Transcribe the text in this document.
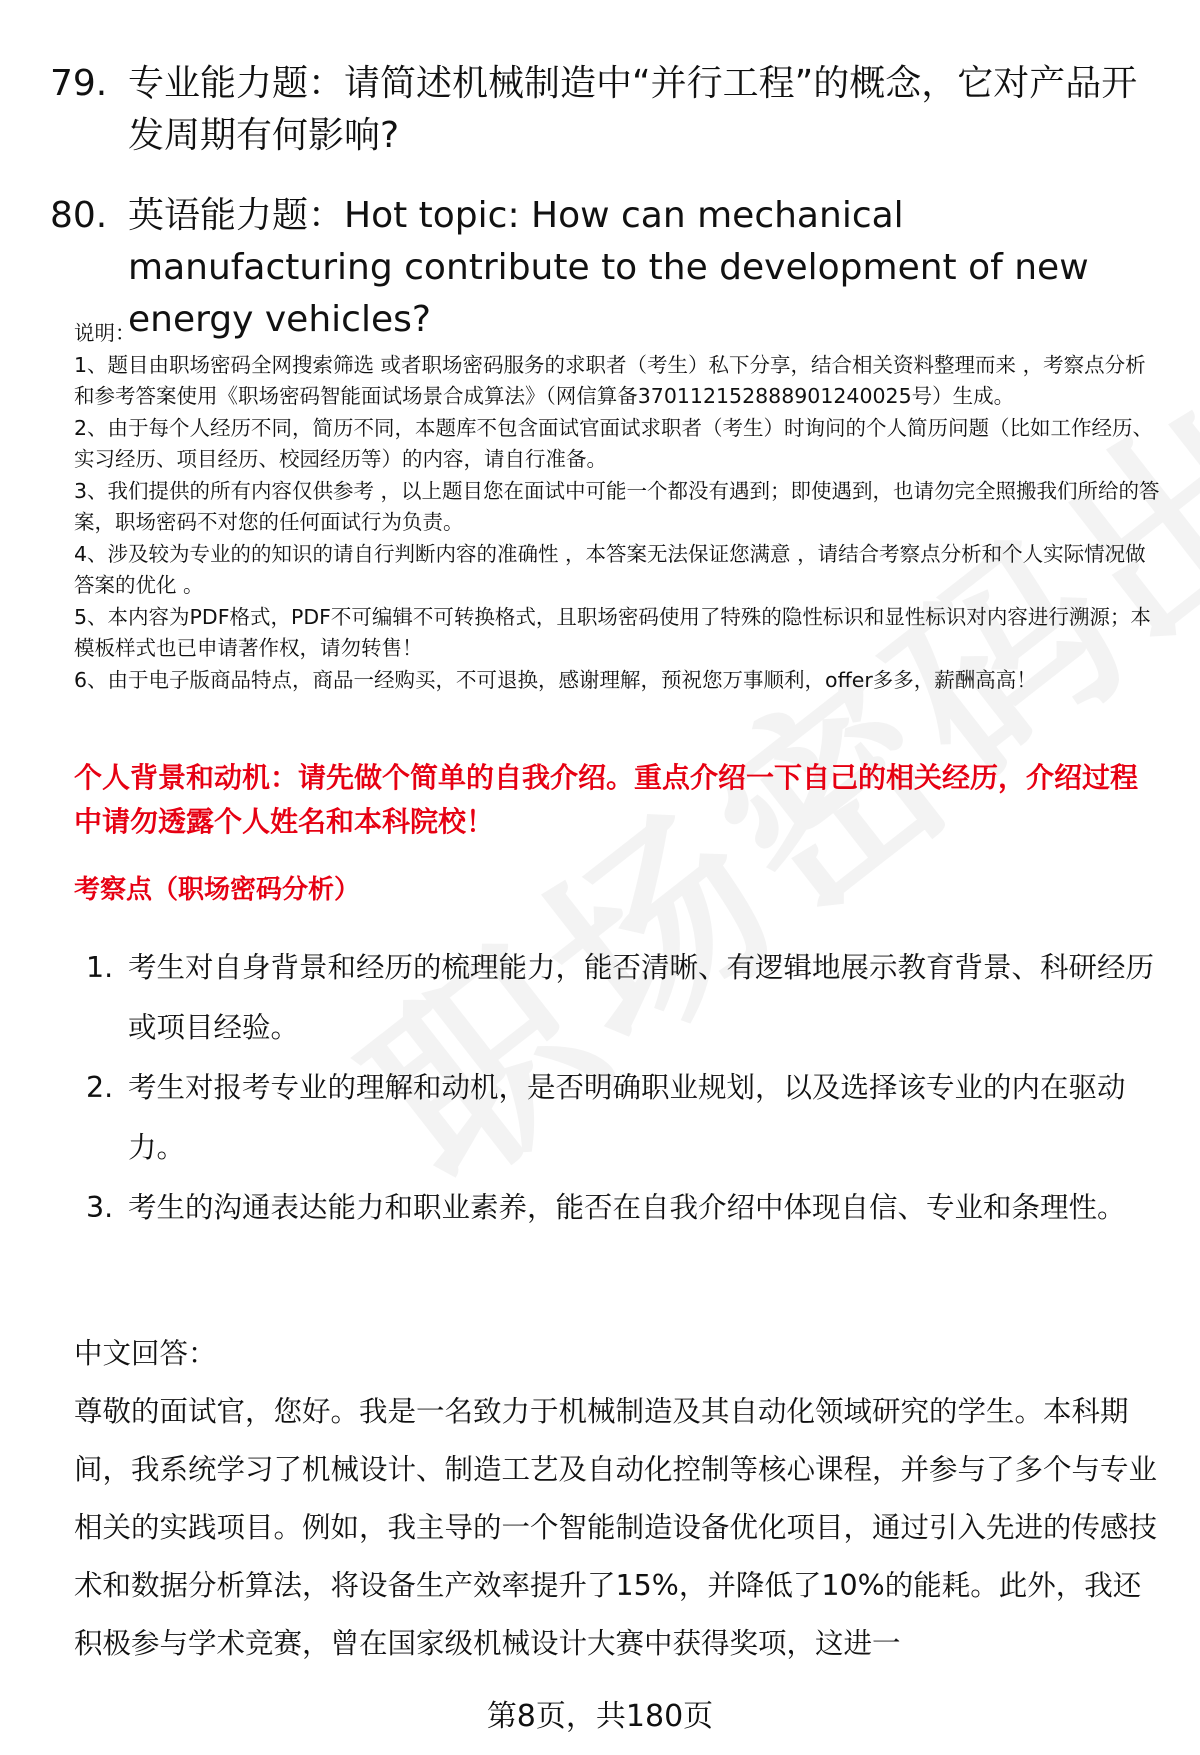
79. 专业能力题：请简述机械制造中“并行工程”的概念，它对产品开发周期有何影响?
80. 英语能力题：Hot topic: How can mechanical manufacturing contribute to the development of new energy vehicles?

说明：

1、题目由职场密码全网搜索筛选 或者职场密码服务的求职者（考生）私下分享，结合相关资料整理而来 ，考察点分析和参考答案使用《职场密码智能面试场景合成算法》（网信算备370112152888901240025号）生成。

2、由于每个人经历不同，简历不同，本题库不包含面试官面试求职者（考生）时询问的个人简历问题（比如工作经历、实习经历、项目经历、校园经历等）的内容，请自行准备。

3、我们提供的所有内容仅供参考 ，以上题目您在面试中可能一个都没有遇到；即使遇到，也请勿完全照搬我们所给的答案，职场密码不对您的任何面试行为负责。

4、涉及较为专业的的知识的请自行判断内容的准确性 ，本答案无法保证您满意 ，请结合考察点分析和个人实际情况做答案的优化 。

5、本内容为PDF格式，PDF不可编辑不可转换格式，且职场密码使用了特殊的隐性标识和显性标识对内容进行溯源；本模板样式也已申请著作权，请勿转售！

6、由于电子版商品特点，商品一经购买，不可退换，感谢理解，预祝您万事顺利，offer多多，薪酬高高！

个人背景和动机：请先做个简单的自我介绍。重点介绍一下自己的相关经历，介绍过程中请勿透露个人姓名和本科院校！
考察点（职场密码分析）
1. 考生对自身背景和经历的梳理能力，能否清晰、有逻辑地展示教育背景、科研经历或项目经验。
2. 考生对报考专业的理解和动机，是否明确职业规划，以及选择该专业的内在驱动力。
3. 考生的沟通表达能力和职业素养，能否在自我介绍中体现自信、专业和条理性。
中文回答：
尊敬的面试官，您好。我是一名致力于机械制造及其自动化领域研究的学生。本科期间，我系统学习了机械设计、制造工艺及自动化控制等核心课程，并参与了多个与专业相关的实践项目。例如，我主导的一个智能制造设备优化项目，通过引入先进的传感技术和数据分析算法，将设备生产效率提升了15%，并降低了10%的能耗。此外，我还积极参与学术竞赛，曾在国家级机械设计大赛中获得奖项，这进一
第8页，共180页
